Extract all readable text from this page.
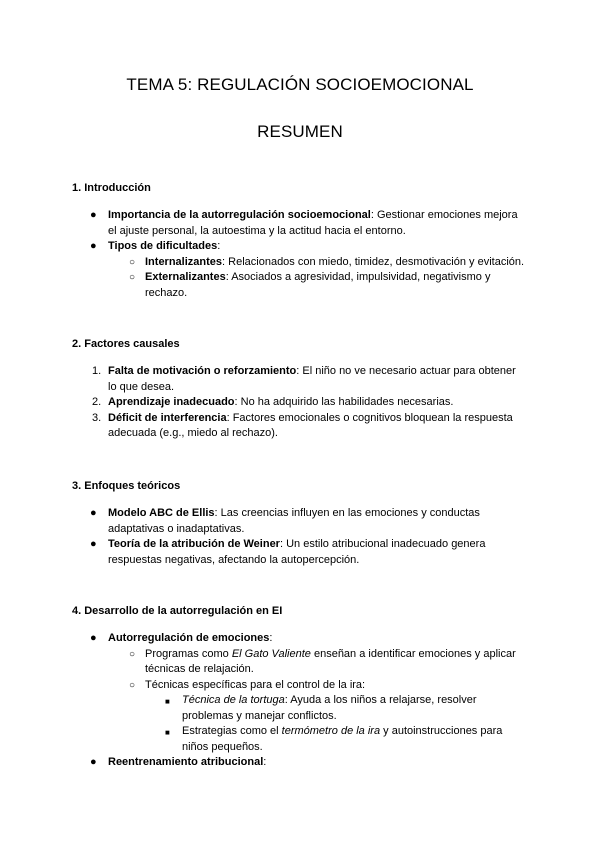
TEMA 5: REGULACIÓN SOCIOEMOCIONAL
RESUMEN
1. Introducción
● Importancia de la autorregulación socioemocional: Gestionar emociones mejora
el ajuste personal, la autoestima y la actitud hacia el entorno.
● Tipos de dificultades:
○ Internalizantes: Relacionados con miedo, timidez, desmotivación y evitación.
○ Externalizantes: Asociados a agresividad, impulsividad, negativismo y
rechazo.
2. Factores causales
1. Falta de motivación o reforzamiento: El niño no ve necesario actuar para obtener
lo que desea.
2. Aprendizaje inadecuado: No ha adquirido las habilidades necesarias.
3. Déficit de interferencia: Factores emocionales o cognitivos bloquean la respuesta
adecuada (e.g., miedo al rechazo).
3. Enfoques teóricos
● Modelo ABC de Ellis: Las creencias influyen en las emociones y conductas
adaptativas o inadaptativas.
● Teoría de la atribución de Weiner: Un estilo atribucional inadecuado genera
respuestas negativas, afectando la autopercepción.
4. Desarrollo de la autorregulación en EI
● Autorregulación de emociones:
○ Programas como El Gato Valiente enseñan a identificar emociones y aplicar
técnicas de relajación.
○ Técnicas específicas para el control de la ira:
■ Técnica de la tortuga: Ayuda a los niños a relajarse, resolver
problemas y manejar conflictos.
■ Estrategias como el termómetro de la ira y autoinstrucciones para
niños pequeños.
● Reentrenamiento atribucional:
